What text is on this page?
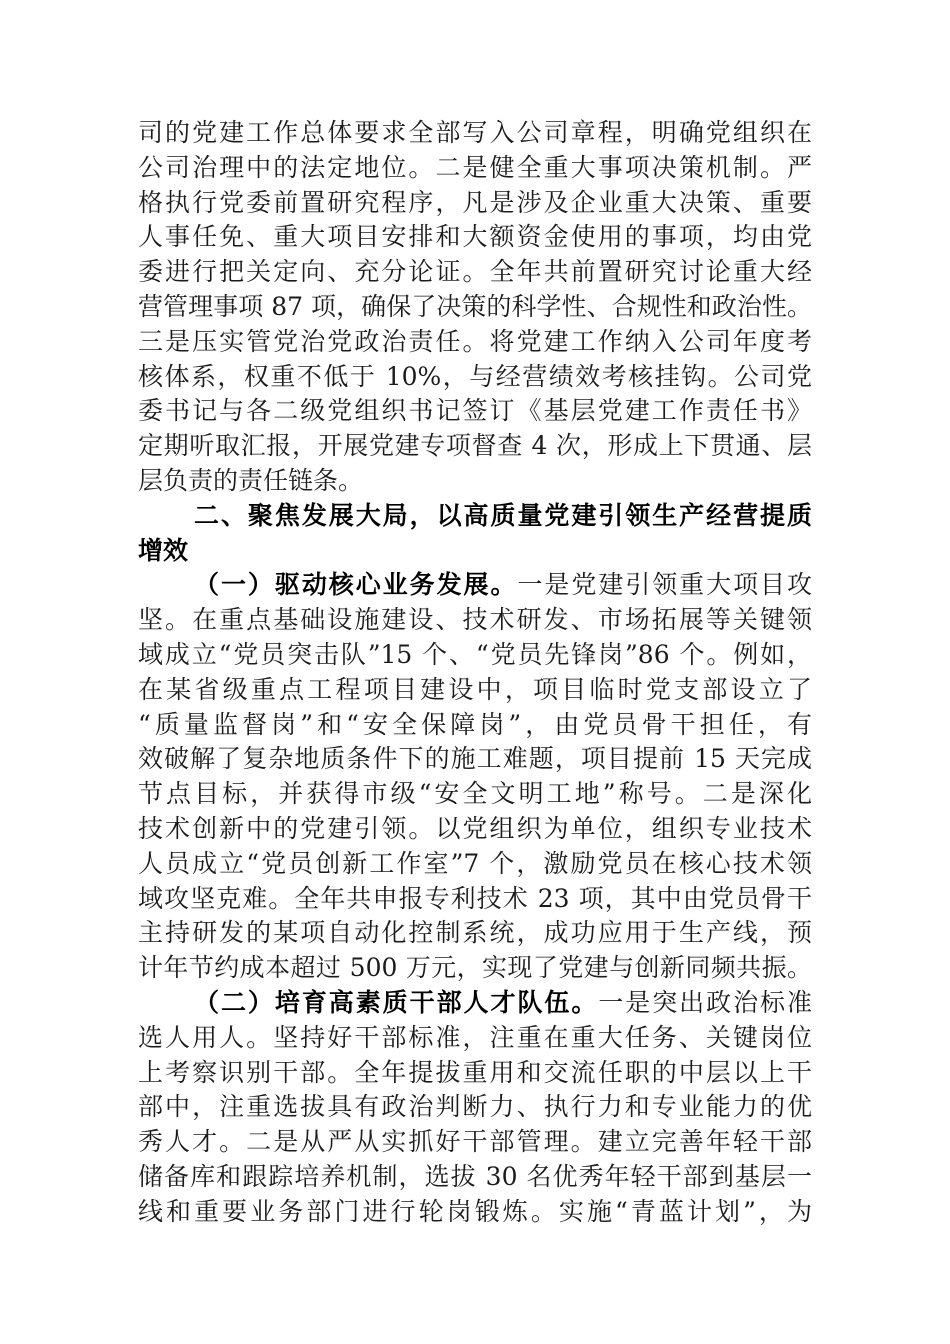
司的党建工作总体要求全部写入公司章程，明确党组织在
公司治理中的法定地位。二是健全重大事项决策机制。严
格执行党委前置研究程序，凡是涉及企业重大决策、重要
人事任免、重大项目安排和大额资金使用的事项，均由党
委进行把关定向、充分论证。全年共前置研究讨论重大经
营管理事项 87 项，确保了决策的科学性、合规性和政治性。
三是压实管党治党政治责任。将党建工作纳入公司年度考
核体系，权重不低于 10%，与经营绩效考核挂钩。公司党
委书记与各二级党组织书记签订《基层党建工作责任书》
定期听取汇报，开展党建专项督查 4 次，形成上下贯通、层
层负责的责任链条。
二、聚焦发展大局，以高质量党建引领生产经营提质
增效
（一）驱动核心业务发展。一是党建引领重大项目攻
坚。在重点基础设施建设、技术研发、市场拓展等关键领
域成立“党员突击队”15 个、“党员先锋岗”86 个。例如，
在某省级重点工程项目建设中，项目临时党支部设立了
“质量监督岗”和“安全保障岗”，由党员骨干担任，有
效破解了复杂地质条件下的施工难题，项目提前 15 天完成
节点目标，并获得市级“安全文明工地”称号。二是深化
技术创新中的党建引领。以党组织为单位，组织专业技术
人员成立“党员创新工作室”7 个，激励党员在核心技术领
域攻坚克难。全年共申报专利技术 23 项，其中由党员骨干
主持研发的某项自动化控制系统，成功应用于生产线，预
计年节约成本超过 500 万元，实现了党建与创新同频共振。
（二）培育高素质干部人才队伍。一是突出政治标准
选人用人。坚持好干部标准，注重在重大任务、关键岗位
上考察识别干部。全年提拔重用和交流任职的中层以上干
部中，注重选拔具有政治判断力、执行力和专业能力的优
秀人才。二是从严从实抓好干部管理。建立完善年轻干部
储备库和跟踪培养机制，选拔 30 名优秀年轻干部到基层一
线和重要业务部门进行轮岗锻炼。实施“青蓝计划”，为
